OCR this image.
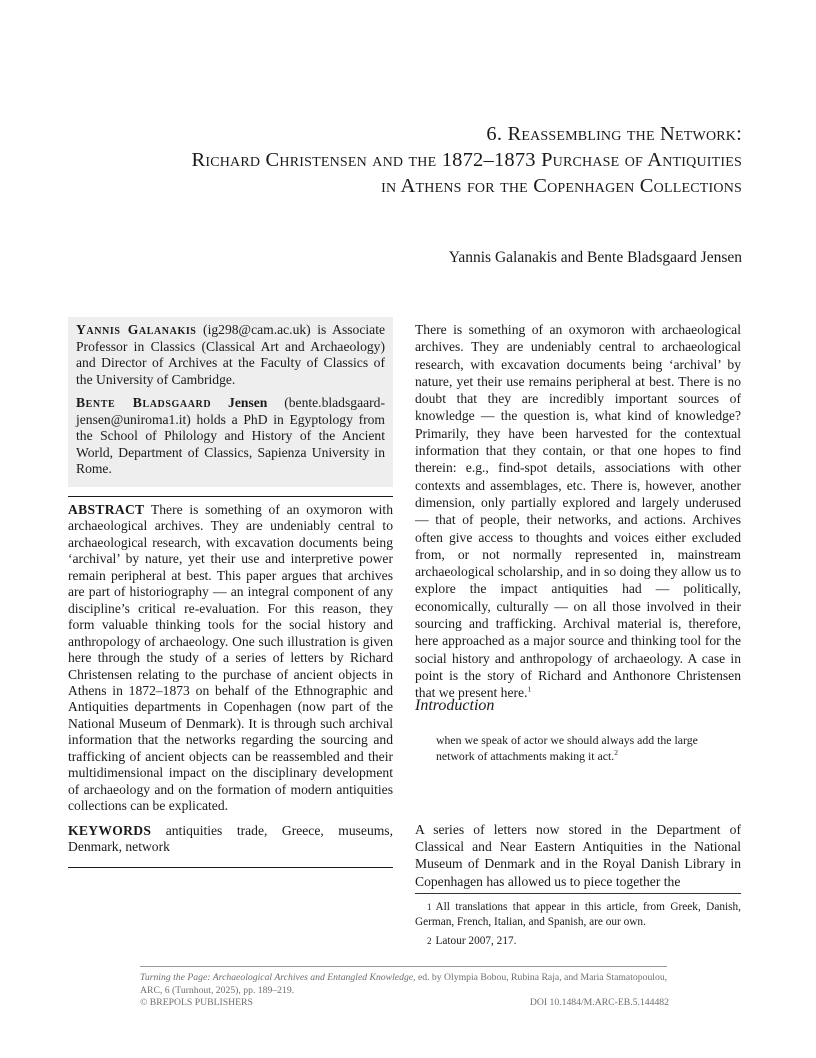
6. Reassembling the Network:
Richard Christensen and the 1872–1873 Purchase of Antiquities
in Athens for the Copenhagen Collections
Yannis Galanakis and Bente Bladsgaard Jensen

Yannis Galanakis (ig298@cam.ac.uk) is Associate Professor in Classics (Classical Art and Archaeology) and Director of Archives at the Faculty of Classics of the University of Cambridge.

Bente Bladsgaard Jensen (bente.bladsgaard-jensen@uniroma1.it) holds a PhD in Egyptology from the School of Philology and History of the Ancient World, Department of Classics, Sapienza University in Rome.

ABSTRACT There is something of an oxymoron with archaeological archives. They are undeniably central to archaeological research, with excavation documents being ‘archival’ by nature, yet their use and interpretive power remain peripheral at best. This paper argues that archives are part of historiography — an integral component of any discipline’s critical re-evaluation. For this reason, they form valuable thinking tools for the social history and anthropology of archaeology. One such illustration is given here through the study of a series of letters by Richard Christensen relating to the purchase of ancient objects in Athens in 1872–1873 on behalf of the Ethnographic and Antiquities departments in Copenhagen (now part of the National Museum of Denmark). It is through such archival information that the networks regarding the sourcing and trafficking of ancient objects can be reassembled and their multidimensional impact on the disciplinary development of archaeology and on the formation of modern antiquities collections can be explicated.

KEYWORDS antiquities trade, Greece, museums, Denmark, network

There is something of an oxymoron with archaeological archives. They are undeniably central to archaeological research, with excavation documents being ‘archival’ by nature, yet their use remains peripheral at best. There is no doubt that they are incredibly important sources of knowledge — the question is, what kind of knowledge? Primarily, they have been harvested for the contextual information that they contain, or that one hopes to find therein: e.g., find-spot details, associations with other contexts and assemblages, etc. There is, however, another dimension, only partially explored and largely underused — that of people, their networks, and actions. Archives often give access to thoughts and voices either excluded from, or not normally represented in, mainstream archaeological scholarship, and in so doing they allow us to explore the impact antiquities had — politically, economically, culturally — on all those involved in their sourcing and trafficking. Archival material is, therefore, here approached as a major source and thinking tool for the social history and anthropology of archaeology. A case in point is the story of Richard and Anthonore Christensen that we present here.$^1$

Introduction
when we speak of actor we should always add the large network of attachments making it act.$^2$

A series of letters now stored in the Department of Classical and Near Eastern Antiquities in the National Museum of Denmark and in the Royal Danish Library in Copenhagen has allowed us to piece together the

1 All translations that appear in this article, from Greek, Danish, German, French, Italian, and Spanish, are our own.

2 Latour 2007, 217.

Turning the Page: Archaeological Archives and Entangled Knowledge, ed. by Olympia Bobou, Rubina Raja, and Maria Stamatopoulou, ARC, 6 (Turnhout, 2025), pp. 189–219.
© BREPOLS PUBLISHERS	DOI 10.1484/M.ARC-EB.5.144482
